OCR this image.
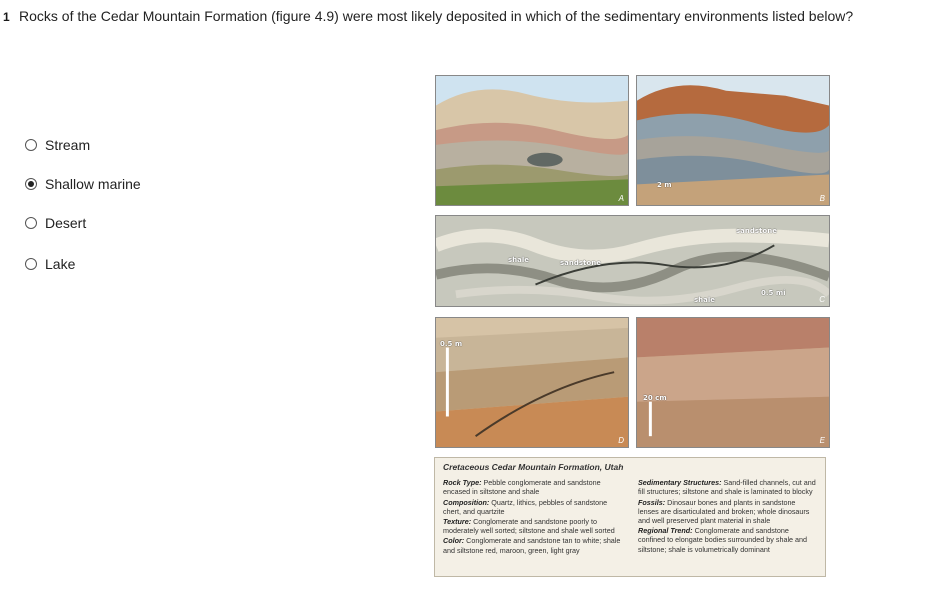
1 Rocks of the Cedar Mountain Formation (figure 4.9) were most likely deposited in which of the sedimentary environments listed below?
Stream
Shallow marine
Desert
Lake
A
2 m
B
shale	sandstone
shale
sandstone
0.5 mi
C
0.5 m
D
20 cm
E
Cretaceous Cedar Mountain Formation, Utah

Rock Type: Pebble conglomerate and sandstone encased in siltstone and shale

Composition: Quartz, lithics, pebbles of sandstone chert, and quartzite

Texture: Conglomerate and sandstone poorly to moderately well sorted; siltstone and shale well sorted

Color: Conglomerate and sandstone tan to white; shale and siltstone red, maroon, green, light gray

Sedimentary Structures: Sand-filled channels, cut and fill structures; siltstone and shale is laminated to blocky

Fossils: Dinosaur bones and plants in sandstone lenses are disarticulated and broken; whole dinosaurs and well preserved plant material in shale

Regional Trend: Conglomerate and sandstone confined to elongate bodies surrounded by shale and siltstone; shale is volumetrically dominant
